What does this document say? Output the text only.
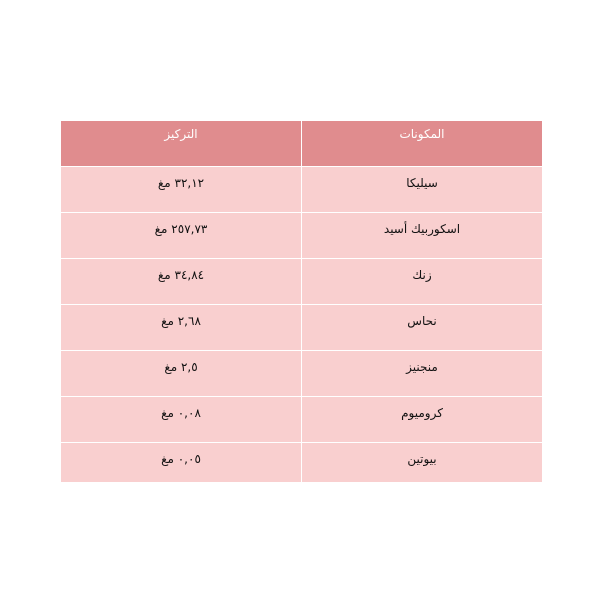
المكونات	التركيز
سيليكا	٣٢,١٢ مغ
اسكوربيك أسيد	٢٥٧,٧٣ مغ
زنك	٣٤,٨٤ مغ
نحاس	٢,٦٨ مغ
منجنيز	٢,٥ مغ
كروميوم	٠,٠٨ مغ
بيوتين	٠,٠٥ مغ
